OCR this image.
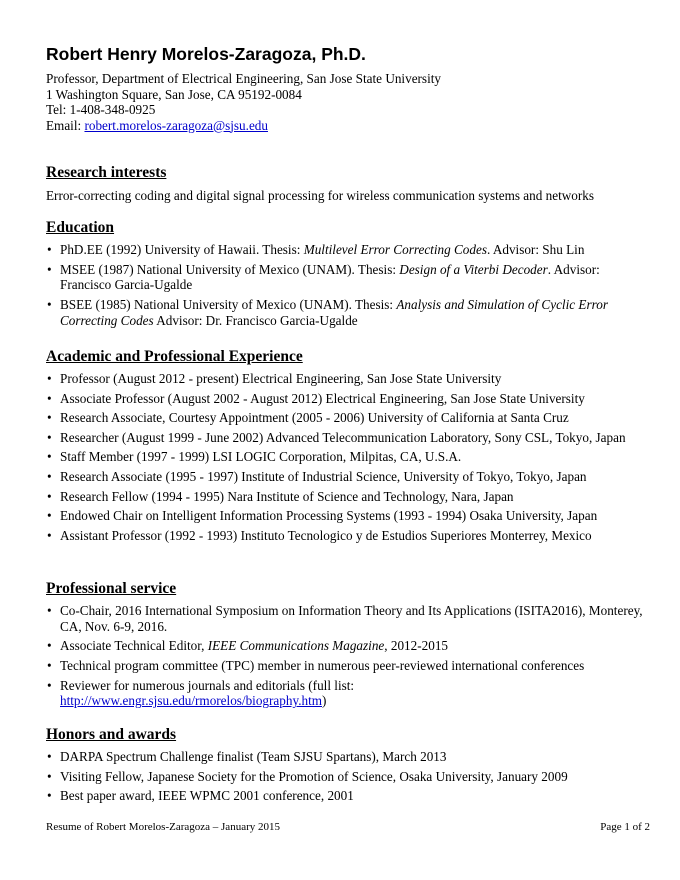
Robert Henry Morelos-Zaragoza, Ph.D.
Professor, Department of Electrical Engineering, San Jose State University
1 Washington Square, San Jose, CA 95192-0084
Tel: 1-408-348-0925
Email: robert.morelos-zaragoza@sjsu.edu
Research interests

Error-correcting coding and digital signal processing for wireless communication systems and networks

Education
• PhD.EE (1992) University of Hawaii. Thesis: Multilevel Error Correcting Codes. Advisor: Shu Lin
• MSEE (1987) National University of Mexico (UNAM). Thesis: Design of a Viterbi Decoder. Advisor: Francisco Garcia-Ugalde
• BSEE (1985) National University of Mexico (UNAM). Thesis: Analysis and Simulation of Cyclic Error Correcting Codes Advisor: Dr. Francisco Garcia-Ugalde
Academic and Professional Experience
• Professor (August 2012 - present) Electrical Engineering, San Jose State University
• Associate Professor (August 2002 - August 2012) Electrical Engineering, San Jose State University
• Research Associate, Courtesy Appointment (2005 - 2006) University of California at Santa Cruz
• Researcher (August 1999 - June 2002) Advanced Telecommunication Laboratory, Sony CSL, Tokyo, Japan
• Staff Member (1997 - 1999) LSI LOGIC Corporation, Milpitas, CA, U.S.A.
• Research Associate (1995 - 1997) Institute of Industrial Science, University of Tokyo, Tokyo, Japan
• Research Fellow (1994 - 1995) Nara Institute of Science and Technology, Nara, Japan
• Endowed Chair on Intelligent Information Processing Systems (1993 - 1994) Osaka University, Japan
• Assistant Professor (1992 - 1993) Instituto Tecnologico y de Estudios Superiores Monterrey, Mexico
Professional service
• Co-Chair, 2016 International Symposium on Information Theory and Its Applications (ISITA2016), Monterey, CA, Nov. 6-9, 2016.
• Associate Technical Editor, IEEE Communications Magazine, 2012-2015
• Technical program committee (TPC) member in numerous peer-reviewed international conferences
• Reviewer for numerous journals and editorials (full list:
http://www.engr.sjsu.edu/rmorelos/biography.htm)
Honors and awards
• DARPA Spectrum Challenge finalist (Team SJSU Spartans), March 2013
• Visiting Fellow, Japanese Society for the Promotion of Science, Osaka University, January 2009
• Best paper award, IEEE WPMC 2001 conference, 2001
Resume of Robert Morelos-Zaragoza – January 2015	Page 1 of 2
